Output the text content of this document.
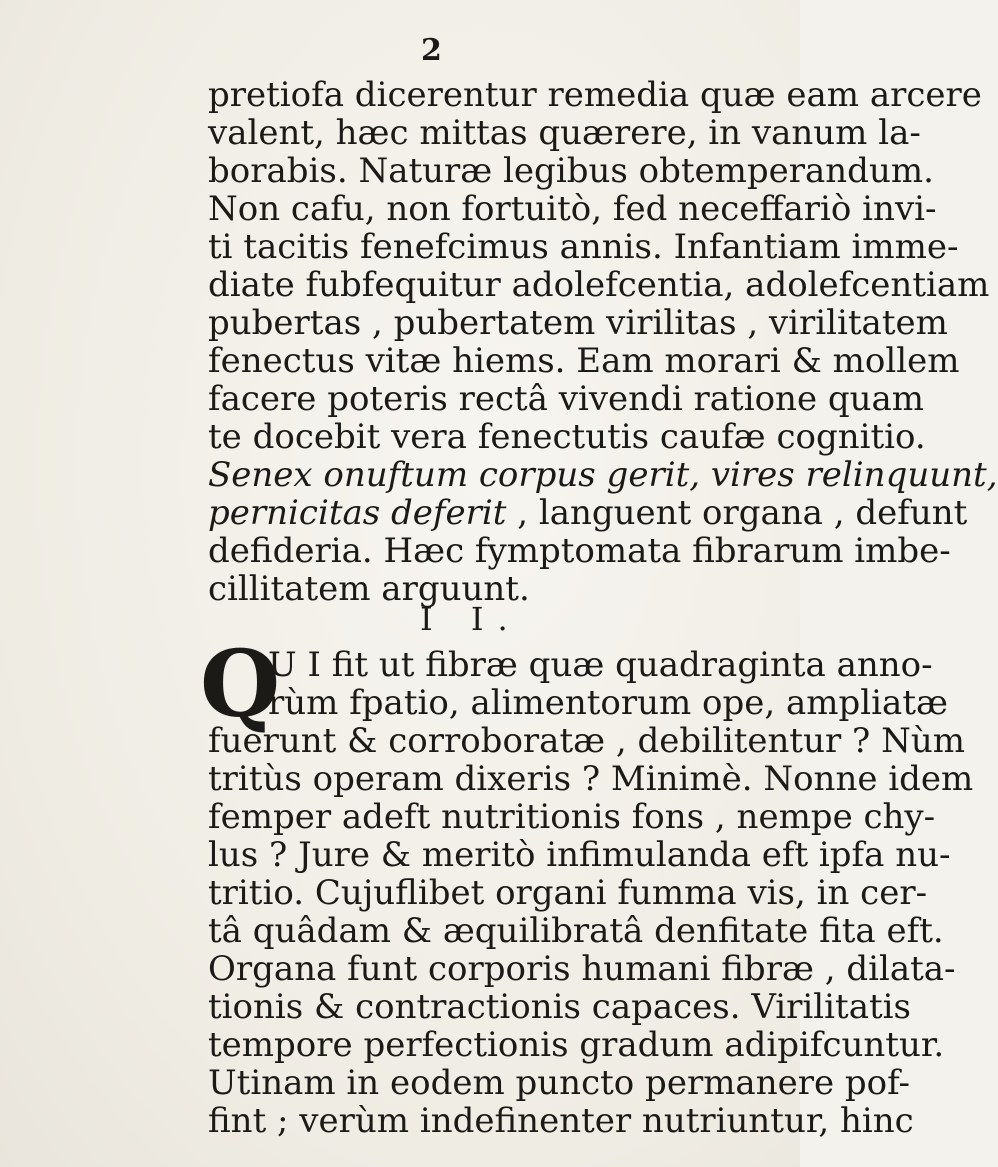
2
pretiofa dicerentur remedia quæ eam arcere
valent, hæc mittas quærere, in vanum la-
borabis. Naturæ legibus obtemperandum.
Non cafu, non fortuitò, fed neceffariò invi-
ti tacitis fenefcimus annis. Infantiam imme-
diate fubfequitur adolefcentia, adolefcentiam
pubertas , pubertatem virilitas , virilitatem
fenectus vitæ hiems. Eam morari & mollem
facere poteris rectâ vivendi ratione quam
te docebit vera fenectutis caufæ cognitio.
Senex onuftum corpus gerit, vires relinquunt,
pernicitas deferit , languent organa , defunt
defideria. Hæc fymptomata fibrarum imbe-
cillitatem arguunt.
I I.
Q
U I fit ut fibræ quæ quadraginta anno-
rùm fpatio, alimentorum ope, ampliatæ
fuerunt & corroboratæ , debilitentur ? Nùm
tritùs operam dixeris ? Minimè. Nonne idem
femper adeft nutritionis fons , nempe chy-
lus ? Jure & meritò infimulanda eft ipfa nu-
tritio. Cujuflibet organi fumma vis, in cer-
tâ quâdam & æquilibratâ denfitate fita eft.
Organa funt corporis humani fibræ , dilata-
tionis & contractionis capaces. Virilitatis
tempore perfectionis gradum adipifcuntur.
Utinam in eodem puncto permanere pof-
fint ; verùm indefinenter nutriuntur, hinc
